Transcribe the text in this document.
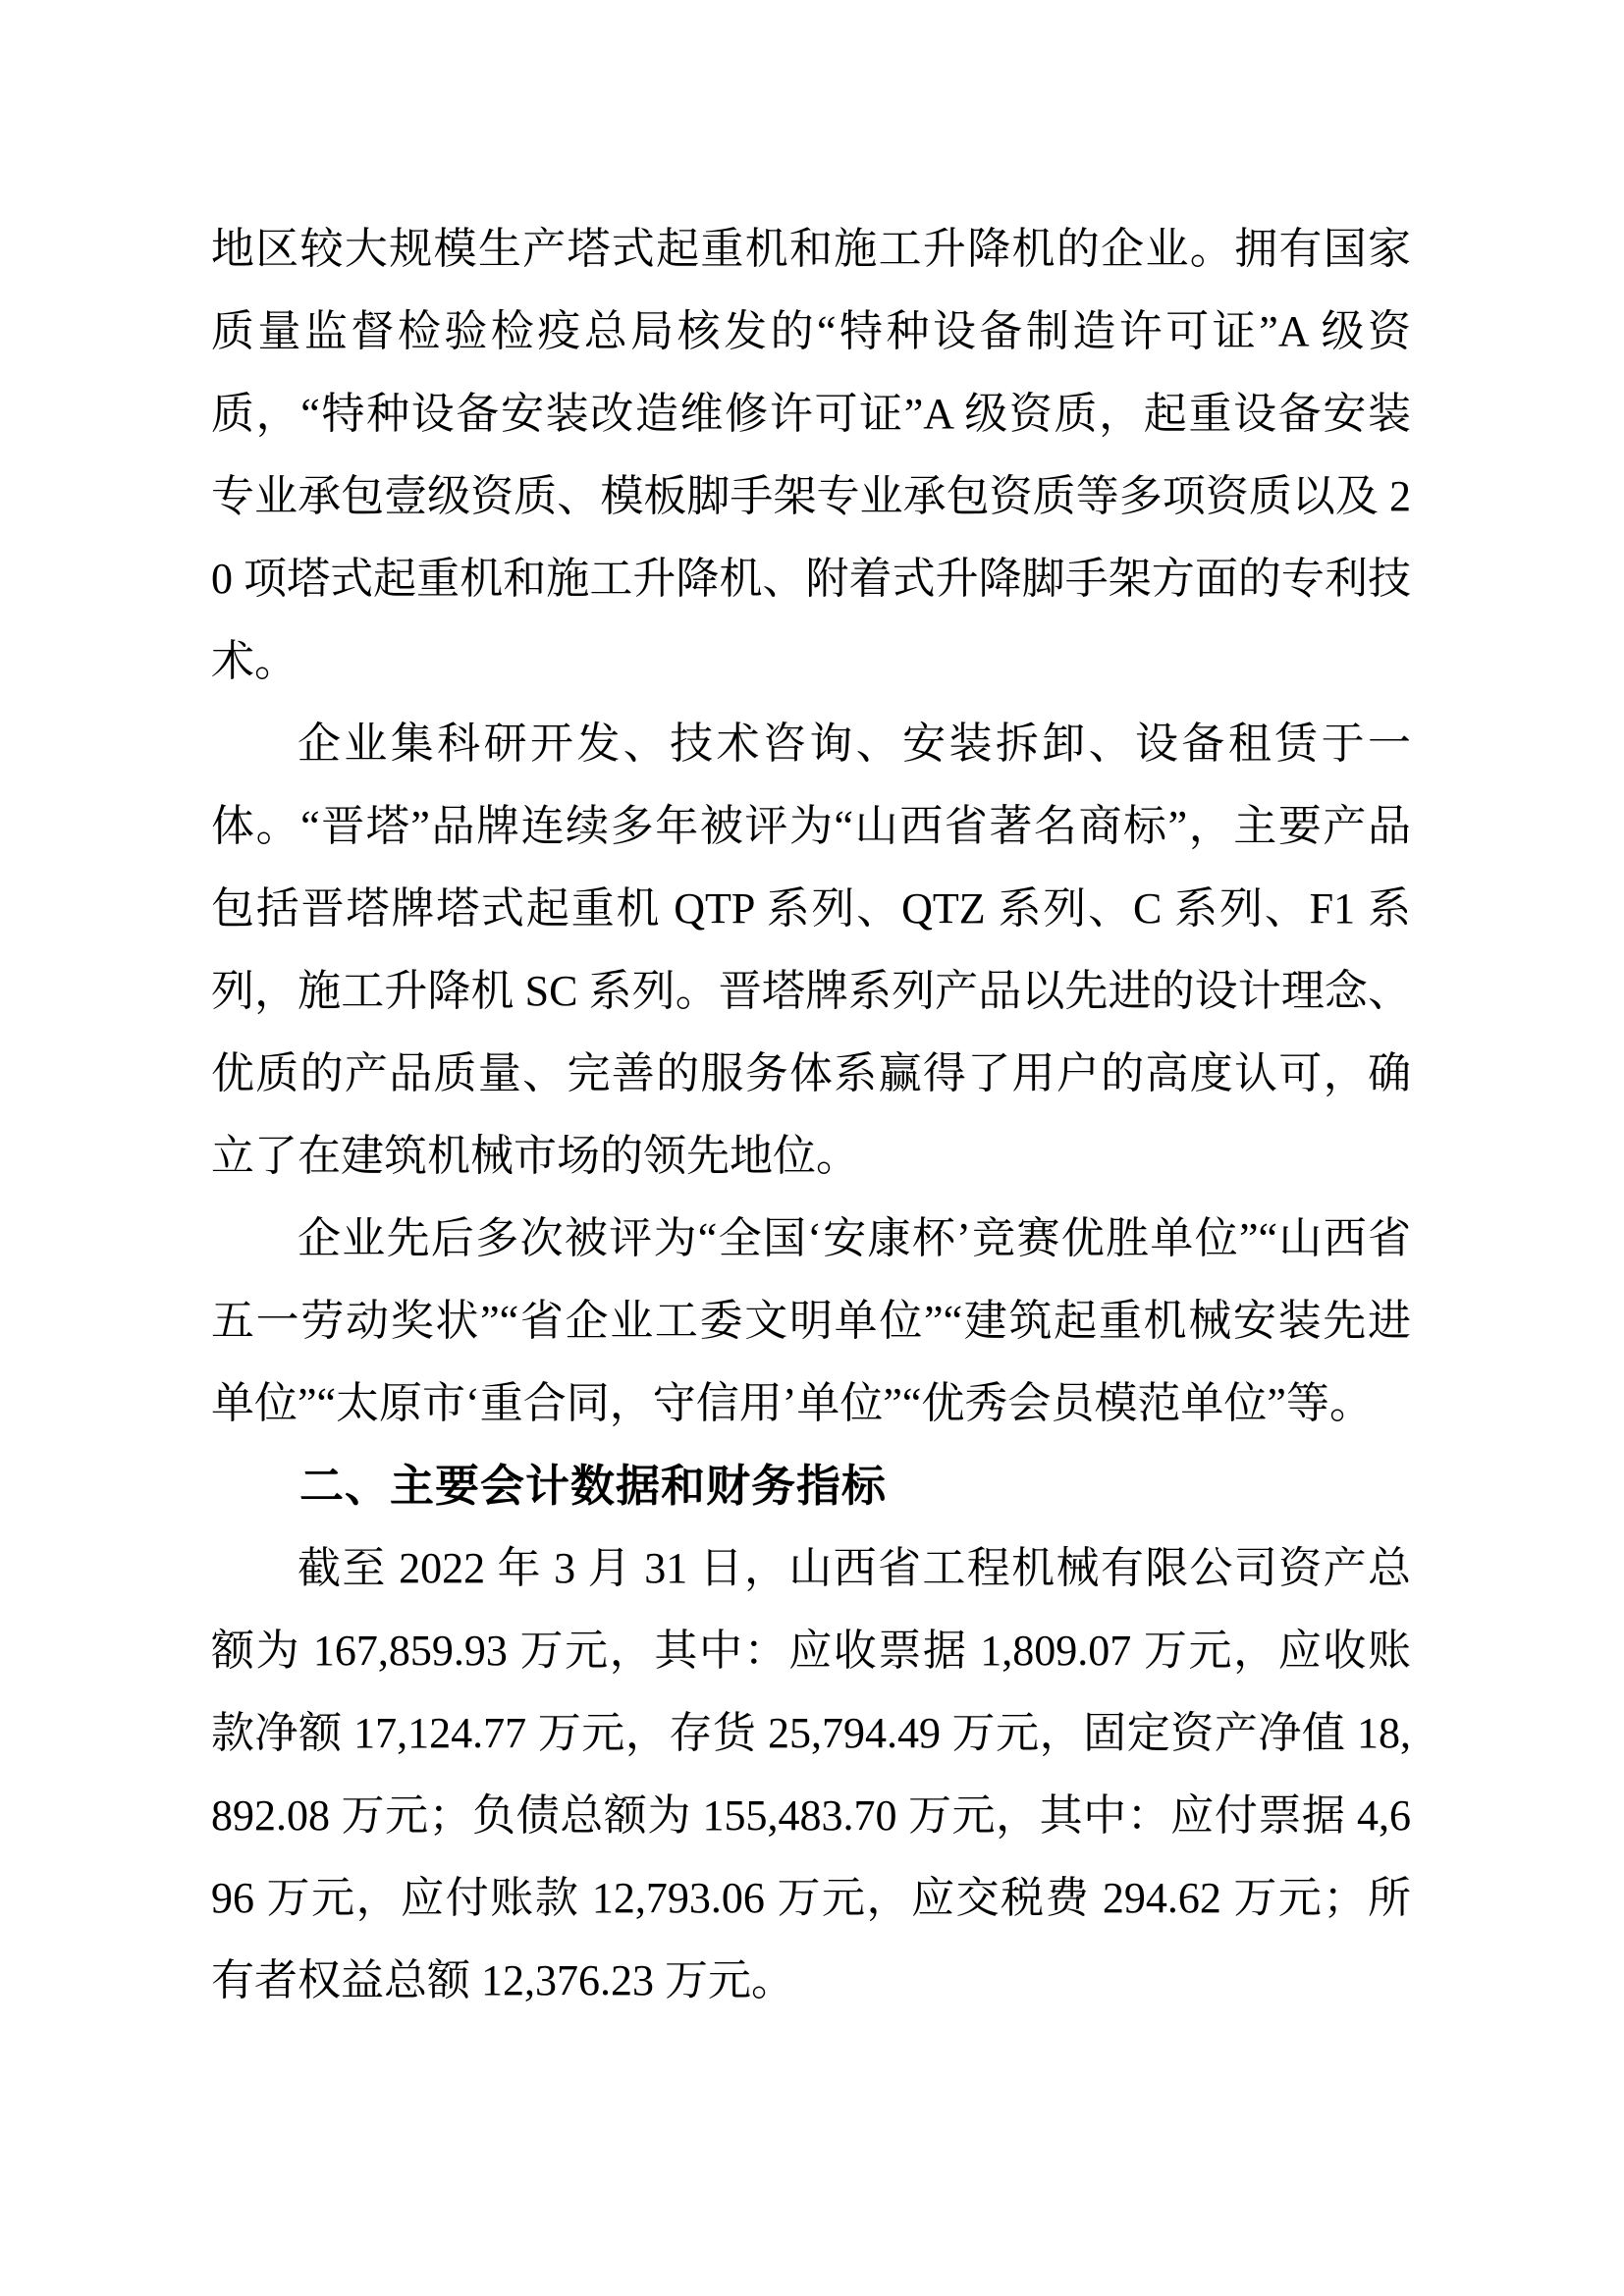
地区较大规模生产塔式起重机和施工升降机的企业。拥有国家质量监督检验检疫总局核发的“特种设备制造许可证”A 级资质，“特种设备安装改造维修许可证”A 级资质，起重设备安装专业承包壹级资质、模板脚手架专业承包资质等多项资质以及 20 项塔式起重机和施工升降机、附着式升降脚手架方面的专利技术。

企业集科研开发、技术咨询、安装拆卸、设备租赁于一体。“晋塔”品牌连续多年被评为“山西省著名商标”，主要产品包括晋塔牌塔式起重机 QTP 系列、QTZ 系列、C 系列、F1 系列，施工升降机 SC 系列。晋塔牌系列产品以先进的设计理念、优质的产品质量、完善的服务体系赢得了用户的高度认可，确立了在建筑机械市场的领先地位。

企业先后多次被评为“全国‘安康杯’竞赛优胜单位”“山西省五一劳动奖状”“省企业工委文明单位”“建筑起重机械安装先进单位”“太原市‘重合同，守信用’单位”“优秀会员模范单位”等。

二、主要会计数据和财务指标

截至 2022 年 3 月 31 日，山西省工程机械有限公司资产总额为 167,859.93 万元，其中：应收票据 1,809.07 万元，应收账款净额 17,124.77 万元，存货 25,794.49 万元，固定资产净值 18,892.08 万元；负债总额为 155,483.70 万元，其中：应付票据 4,696 万元，应付账款 12,793.06 万元，应交税费 294.62 万元；所有者权益总额 12,376.23 万元。
